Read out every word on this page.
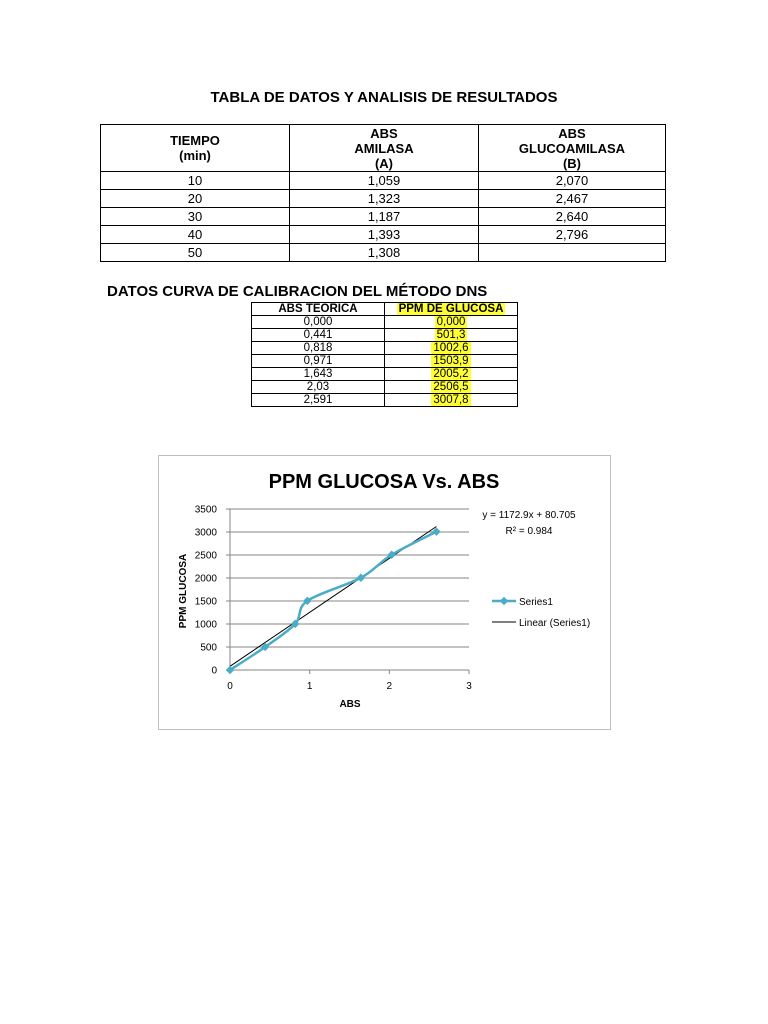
TABLA DE DATOS Y ANALISIS DE RESULTADOS
TIEMPO
(min)	ABS
AMILASA
(A)	ABS
GLUCOAMILASA
(B)
10	1,059	2,070
20	1,323	2,467
30	1,187	2,640
40	1,393	2,796
50	1,308	
DATOS CURVA DE CALIBRACION DEL MÉTODO DNS
ABS TEORICA	PPM DE GLUCOSA
0,000	0,000
0,441	501,3
0,818	1002,6
0,971	1503,9
1,643	2005,2
2,03	2506,5
2,591	3007,8
PPM GLUCOSA Vs. ABS
0
500
1000
1500
2000
2500
3000
3500
0	1	2	3
ABS
PPM GLUCOSA
y = 1172.9x + 80.705
R² = 0.984
Series1
Linear (Series1)
